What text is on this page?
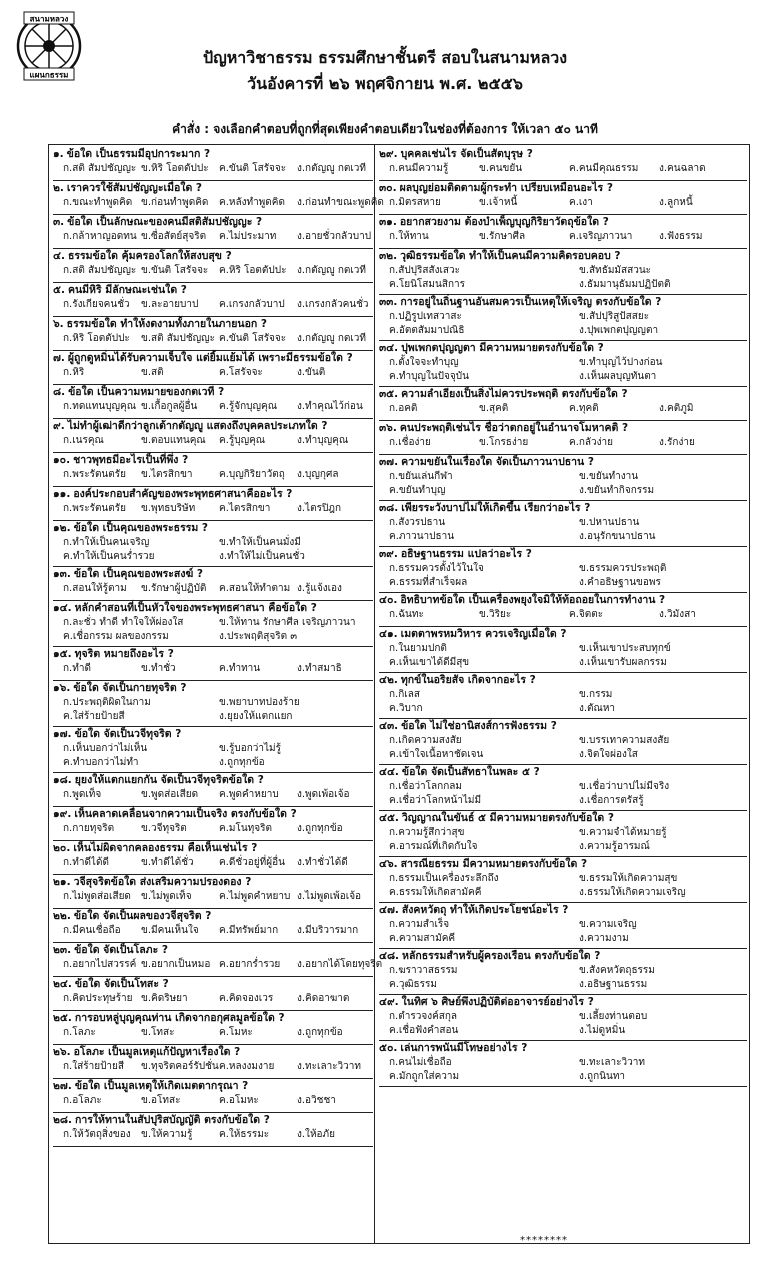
สนามหลวง
แผนกธรรม
ปัญหาวิชาธรรม ธรรมศึกษาชั้นตรี สอบในสนามหลวง
วันอังคารที่ ๒๖ พฤศจิกายน พ.ศ. ๒๕๕๖
คำสั่ง : จงเลือกคำตอบที่ถูกที่สุดเพียงคำตอบเดียวในช่องที่ต้องการ ให้เวลา ๕๐ นาที
๑. ข้อใด เป็นธรรมมีอุปการะมาก ?
ก.สติ สัมปชัญญะ ข.หิริ โอตตัปปะ ค.ขันติ โสรัจจะ ง.กตัญญู กตเวที
๒. เราควรใช้สัมปชัญญะเมื่อใด ?
ก.ขณะทำพูดคิด ข.ก่อนทำพูดคิด ค.หลังทำพูดคิด ง.ก่อนทำขณะพูดคิด
๓. ข้อใด เป็นลักษณะของคนมีสติสัมปชัญญะ ?
ก.กล้าหาญอดทน ข.ซื่อสัตย์สุจริต ค.ไม่ประมาท ง.อายชั่วกลัวบาป
๔. ธรรมข้อใด คุ้มครองโลกให้สงบสุข ?
ก.สติ สัมปชัญญะ ข.ขันติ โสรัจจะ ค.หิริ โอตตัปปะ ง.กตัญญู กตเวที
๕. คนมีหิริ มีลักษณะเช่นใด ?
ก.รังเกียจคนชั่ว ข.ละอายบาป ค.เกรงกลัวบาป ง.เกรงกลัวคนชั่ว
๖. ธรรมข้อใด ทำให้งดงามทั้งภายในภายนอก ?
ก.หิริ โอตตัปปะ ข.สติ สัมปชัญญะ ค.ขันติ โสรัจจะ ง.กตัญญู กตเวที
๗. ผู้ถูกดูหมิ่นได้รับความเจ็บใจ แต่ยิ้มแย้มได้ เพราะมีธรรมข้อใด ?
ก.หิริ	ข.สติ	ค.โสรัจจะ	ง.ขันติ
๘. ข้อใด เป็นความหมายของกตเวที ?
ก.ทดแทนบุญคุณ ข.เกื้อกูลผู้อื่น ค.รู้จักบุญคุณ ง.ทำคุณไว้ก่อน
๙. ไม่ทำผู้เฒ่าดีกว่าลูกเต้ากตัญญู แสดงถึงบุคคลประเภทใด ?
ก.เนรคุณ	ข.ตอบแทนคุณ ค.รู้บุญคุณ	ง.ทำบุญคุณ
๑๐. ชาวพุทธมีอะไรเป็นที่พึ่ง ?
ก.พระรัตนตรัย ข.ไตรสิกขา	ค.บุญกิริยาวัตถุ ง.บุญกุศล
๑๑. องค์ประกอบสำคัญของพระพุทธศาสนาคืออะไร ?
ก.พระรัตนตรัย ข.พุทธบริษัท ค.ไตรสิกขา	ง.ไตรปิฎก
๑๒. ข้อใด เป็นคุณของพระธรรม ?
ก.ทำให้เป็นคนเจริญ	ข.ทำให้เป็นคนมั่งมี
ค.ทำให้เป็นคนร่ำรวย	ง.ทำให้ไม่เป็นคนชั่ว
๑๓. ข้อใด เป็นคุณของพระสงฆ์ ?
ก.สอนให้รู้ตาม ข.รักษาผู้ปฏิบัติ ค.สอนให้ทำตาม ง.รู้แจ้งเอง
๑๔. หลักคำสอนที่เป็นหัวใจของพระพุทธศาสนา คือข้อใด ?
ก.ละชั่ว ทำดี ทำใจให้ผ่องใส	ข.ให้ทาน รักษาศีล เจริญภาวนา
ค.เชื่อกรรม ผลของกรรม	ง.ประพฤติสุจริต ๓
๑๕. ทุจริต หมายถึงอะไร ?
ก.ทำดี	ข.ทำชั่ว	ค.ทำทาน	ง.ทำสมาธิ
๑๖. ข้อใด จัดเป็นกายทุจริต ?
ก.ประพฤติผิดในกาม	ข.พยาบาทปองร้าย
ค.ใส่ร้ายป้ายสี	ง.ยุยงให้แตกแยก
๑๗. ข้อใด จัดเป็นวจีทุจริต ?
ก.เห็นบอกว่าไม่เห็น	ข.รู้บอกว่าไม่รู้
ค.ทำบอกว่าไม่ทำ	ง.ถูกทุกข้อ
๑๘. ยุยงให้แตกแยกกัน จัดเป็นวจีทุจริตข้อใด ?
ก.พูดเท็จ	ข.พูดส่อเสียด ค.พูดคำหยาบ ง.พูดเพ้อเจ้อ
๑๙. เห็นคลาดเคลื่อนจากความเป็นจริง ตรงกับข้อใด ?
ก.กายทุจริต	ข.วจีทุจริต	ค.มโนทุจริต	ง.ถูกทุกข้อ
๒๐. เห็นไม่ผิดจากคลองธรรม คือเห็นเช่นไร ?
ก.ทำดีได้ดี	ข.ทำดีได้ชั่ว	ค.ดีชั่วอยู่ที่ผู้อื่น ง.ทำชั่วได้ดี
๒๑. วจีสุจริตข้อใด ส่งเสริมความปรองดอง ?
ก.ไม่พูดส่อเสียด ข.ไม่พูดเท็จ	ค.ไม่พูดคำหยาบ ง.ไม่พูดเพ้อเจ้อ
๒๒. ข้อใด จัดเป็นผลของวจีสุจริต ?
ก.มีคนเชื่อถือ ข.มีคนเห็นใจ ค.มีทรัพย์มาก ง.มีบริวารมาก
๒๓. ข้อใด จัดเป็นโลภะ ?
ก.อยากไปสวรรค์ ข.อยากเป็นหมอ ค.อยากร่ำรวย ง.อยากได้โดยทุจริต
๒๔. ข้อใด จัดเป็นโทสะ ?
ก.คิดประทุษร้าย ข.คิดริษยา	ค.คิดจองเวร ง.คิดอาฆาต
๒๕. การอบหลู่บุญคุณท่าน เกิดจากอกุศลมูลข้อใด ?
ก.โลภะ	ข.โทสะ	ค.โมหะ	ง.ถูกทุกข้อ
๒๖. อโลภะ เป็นมูลเหตุแก้ปัญหาเรื่องใด ?
ก.ใส่ร้ายป้ายสี ข.ทุจริตคอร์รัปชั่น ค.หลงงมงาย ง.ทะเลาะวิวาท
๒๗. ข้อใด เป็นมูลเหตุให้เกิดเมตตากรุณา ?
ก.อโลภะ	ข.อโทสะ	ค.อโมหะ	ง.อวิชชา
๒๘. การให้ทานในสัปปุริสบัญญัติ ตรงกับข้อใด ?
ก.ให้วัตถุสิ่งของ ข.ให้ความรู้	ค.ให้ธรรมะ	ง.ให้อภัย
๒๙. บุคคลเช่นไร จัดเป็นสัตบุรุษ ?
ก.คนมีความรู้	ข.คนขยัน	ค.คนมีคุณธรรม ง.คนฉลาด
๓๐. ผลบุญย่อมติดตามผู้กระทำ เปรียบเหมือนอะไร ?
ก.มิตรสหาย	ข.เจ้าหนี้	ค.เงา	ง.ลูกหนี้
๓๑. อยากสวยงาม ต้องบำเพ็ญบุญกิริยาวัตถุข้อใด ?
ก.ให้ทาน	ข.รักษาศีล	ค.เจริญภาวนา	ง.ฟังธรรม
๓๒. วุฒิธรรมข้อใด ทำให้เป็นคนมีความคิดรอบคอบ ?
ก.สัปปุริสสังเสวะ	ข.สัทธัมมัสสวนะ
ค.โยนิโสมนสิการ	ง.ธัมมานุธัมมปฏิปัตติ
๓๓. การอยู่ในถิ่นฐานอันสมควรเป็นเหตุให้เจริญ ตรงกับข้อใด ?
ก.ปฏิรูปเทสวาสะ	ข.สัปปุริสูปัสสยะ
ค.อัตตสัมมาปณิธิ	ง.ปุพเพกตปุญญตา
๓๔. ปุพเพกตปุญญตา มีความหมายตรงกับข้อใด ?
ก.ตั้งใจจะทำบุญ	ข.ทำบุญไว้ปางก่อน
ค.ทำบุญในปัจจุบัน	ง.เห็นผลบุญทันตา
๓๕. ความลำเอียงเป็นสิ่งไม่ควรประพฤติ ตรงกับข้อใด ?
ก.อคติ	ข.สุคติ	ค.ทุคติ	ง.คติภูมิ
๓๖. คนประพฤติเช่นไร ชื่อว่าตกอยู่ในอำนาจโมหาคติ ?
ก.เชื่อง่าย	ข.โกรธง่าย	ค.กลัวง่าย	ง.รักง่าย
๓๗. ความขยันในเรื่องใด จัดเป็นภาวนาปธาน ?
ก.ขยันเล่นกีฬา	ข.ขยันทำงาน
ค.ขยันทำบุญ	ง.ขยันทำกิจกรรม
๓๘. เพียรระวังบาปไม่ให้เกิดขึ้น เรียกว่าอะไร ?
ก.สังวรปธาน	ข.ปหานปธาน
ค.ภาวนาปธาน	ง.อนุรักขนาปธาน
๓๙. อธิษฐานธรรม แปลว่าอะไร ?
ก.ธรรมควรตั้งไว้ในใจ	ข.ธรรมควรประพฤติ
ค.ธรรมที่สำเร็จผล	ง.คำอธิษฐานขอพร
๔๐. อิทธิบาทข้อใด เป็นเครื่องพยุงใจมิให้ท้อถอยในการทำงาน ?
ก.ฉันทะ	ข.วิริยะ	ค.จิตตะ	ง.วิมังสา
๔๑. เมตตาพรหมวิหาร ควรเจริญเมื่อใด ?
ก.ในยามปกติ	ข.เห็นเขาประสบทุกข์
ค.เห็นเขาได้ดีมีสุข	ง.เห็นเขารับผลกรรม
๔๒. ทุกข์ในอริยสัจ เกิดจากอะไร ?
ก.กิเลส	ข.กรรม
ค.วิบาก	ง.ตัณหา
๔๓. ข้อใด ไม่ใช่อานิสงส์การฟังธรรม ?
ก.เกิดความสงสัย	ข.บรรเทาความสงสัย
ค.เข้าใจเนื้อหาชัดเจน	ง.จิตใจผ่องใส
๔๔. ข้อใด จัดเป็นสัทธาในพละ ๕ ?
ก.เชื่อว่าโลกกลม	ข.เชื่อว่าบาปไม่มีจริง
ค.เชื่อว่าโลกหน้าไม่มี	ง.เชื่อการตรัสรู้
๔๕. วิญญาณในขันธ์ ๕ มีความหมายตรงกับข้อใด ?
ก.ความรู้สึกว่าสุข	ข.ความจำได้หมายรู้
ค.อารมณ์ที่เกิดกับใจ	ง.ความรู้อารมณ์
๔๖. สารณียธรรม มีความหมายตรงกับข้อใด ?
ก.ธรรมเป็นเครื่องระลึกถึง	ข.ธรรมให้เกิดความสุข
ค.ธรรมให้เกิดสามัคคี	ง.ธรรมให้เกิดความเจริญ
๔๗. สังคหวัตถุ ทำให้เกิดประโยชน์อะไร ?
ก.ความสำเร็จ	ข.ความเจริญ
ค.ความสามัคคี	ง.ความงาม
๔๘. หลักธรรมสำหรับผู้ครองเรือน ตรงกับข้อใด ?
ก.ฆราวาสธรรม	ข.สังคหวัตถุธรรม
ค.วุฒิธรรม	ง.อธิษฐานธรรม
๔๙. ในทิศ ๖ ศิษย์พึงปฏิบัติต่ออาจารย์อย่างไร ?
ก.ตำรวจงค์สกุล	ข.เลี้ยงท่านตอบ
ค.เชื่อฟังคำสอน	ง.ไม่ดูหมิ่น
๕๐. เล่นการพนันมีโทษอย่างไร ?
ก.คนไม่เชื่อถือ	ข.ทะเลาะวิวาท
ค.มักถูกใส่ความ	ง.ถูกนินทา
********
